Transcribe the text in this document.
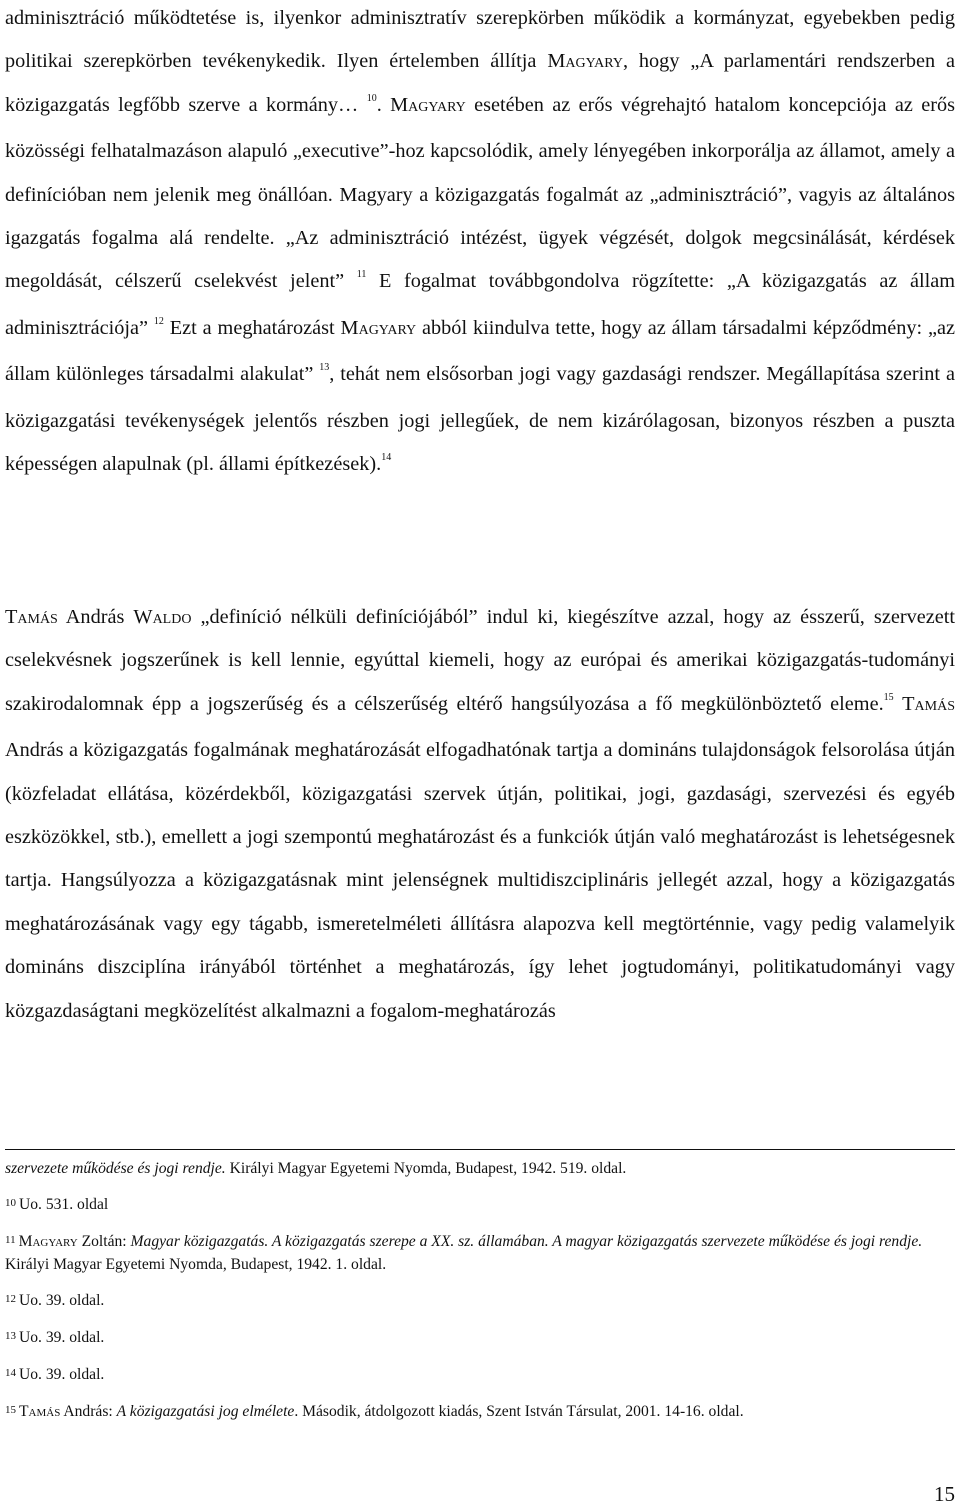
adminisztráció működtetése is, ilyenkor adminisztratív szerepkörben működik a kormányzat, egyebekben pedig politikai szerepkörben tevékenykedik. Ilyen értelemben állítja Magyary, hogy „A parlamentári rendszerben a közigazgatás legfőbb szerve a kormány… $^{10}$. Magyary esetében az erős végrehajtó hatalom koncepciója az erős közösségi felhatalmazáson alapuló „executive”-hoz kapcsolódik, amely lényegében inkorporálja az államot, amely a definícióban nem jelenik meg önállóan. Magyary a közigazgatás fogalmát az „adminisztráció”, vagyis az általános igazgatás fogalma alá rendelte. „Az adminisztráció intézést, ügyek végzését, dolgok megcsinálását, kérdések megoldását, célszerű cselekvést jelent” $^{11}$ E fogalmat továbbgondolva rögzítette: „A közigazgatás az állam adminisztrációja” $^{12}$ Ezt a meghatározást Magyary abból kiindulva tette, hogy az állam társadalmi képződmény: „az állam különleges társadalmi alakulat” $^{13}$, tehát nem elsősorban jogi vagy gazdasági rendszer. Megállapítása szerint a közigazgatási tevékenységek jelentős részben jogi jellegűek, de nem kizárólagosan, bizonyos részben a puszta képességen alapulnak (pl. állami építkezések).$^{14}$

Tamás András Waldo „definíció nélküli definíciójából” indul ki, kiegészítve azzal, hogy az ésszerű, szervezett cselekvésnek jogszerűnek is kell lennie, egyúttal kiemeli, hogy az európai és amerikai közigazgatás-tudományi szakirodalomnak épp a jogszerűség és a célszerűség eltérő hangsúlyozása a fő megkülönböztető eleme.$^{15}$ Tamás András a közigazgatás fogalmának meghatározását elfogadhatónak tartja a domináns tulajdonságok felsorolása útján (közfeladat ellátása, közérdekből, közigazgatási szervek útján, politikai, jogi, gazdasági, szervezési és egyéb eszközökkel, stb.), emellett a jogi szempontú meghatározást és a funkciók útján való meghatározást is lehetségesnek tartja. Hangsúlyozza a közigazgatásnak mint jelenségnek multidiszciplináris jellegét azzal, hogy a közigazgatás meghatározásának vagy egy tágabb, ismeretelméleti állításra alapozva kell megtörténnie, vagy pedig valamelyik domináns diszciplína irányából történhet a meghatározás, így lehet jogtudományi, politikatudományi vagy közgazdaságtani megközelítést alkalmazni a fogalom-meghatározás

szervezete működése és jogi rendje. Királyi Magyar Egyetemi Nyomda, Budapest, 1942. 519. oldal.

$^{10}$ Uo. 531. oldal

$^{11}$ Magyary Zoltán: Magyar közigazgatás. A közigazgatás szerepe a XX. sz. államában. A magyar közigazgatás szervezete működése és jogi rendje. Királyi Magyar Egyetemi Nyomda, Budapest, 1942. 1. oldal.

$^{12}$ Uo. 39. oldal.

$^{13}$ Uo. 39. oldal.

$^{14}$ Uo. 39. oldal.

$^{15}$ Tamás András: A közigazgatási jog elmélete. Második, átdolgozott kiadás, Szent István Társulat, 2001. 14-16. oldal.

15
